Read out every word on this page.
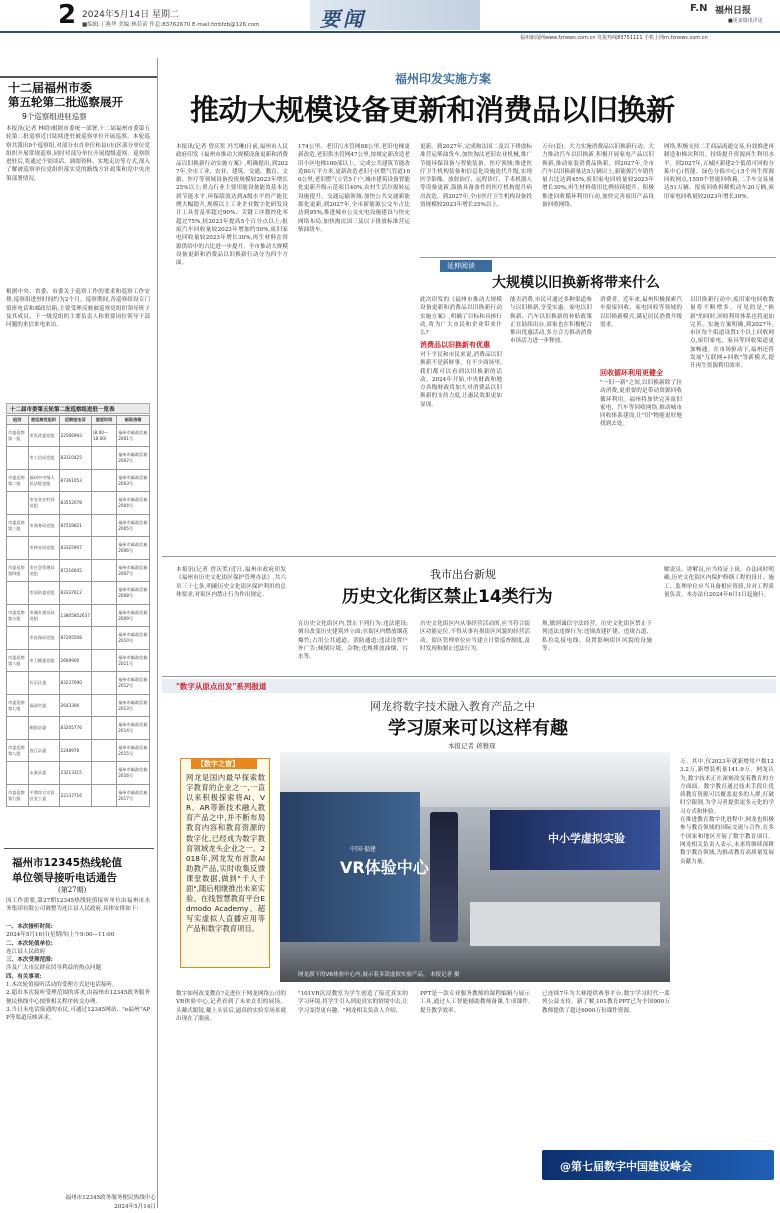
2 2024年5月14日 星期二
■编辑:丁燕华 美编:林若苗 作息:83762670 E-mail:fzrbfzb@126.com	要闻	F.N 福州日报
■更多资讯详见
福州新闻网www.fznews.com.cn 党报热线83751111 手机上网m.fznews.com.cn
十二届福州市委
第五轮第二批巡察展开
9个巡察组进驻巡察
本报讯(记者 林晗)根据市委统一部署,十二届福州市委第五轮第二批巡察近日陆续进驻被巡察单位开展巡察。本轮巡察共派出9个巡察组,对部分市直单位和县(市)区部分单位党组织开展常规巡察,同时对部分单位开展提级巡察。巡察组进驻后,将通过个别谈话、调阅资料、实地走访等方式,深入了解被巡察单位党组织落实党的路线方针政策和党中央决策部署情况。
根据中央、省委、市委关于巡察工作的要求和巡察工作安排,巡察组进驻时间约为2个月。巡察期间,各巡察组设专门值班电话和邮政信箱,主要受理反映被巡察党组织领导班子及其成员、下一级党组织主要负责人和重要岗位领导干部问题的来信来电来访。
十二届市委第五轮第二批巡察组进驻一览表
组别	被巡察党组织	巡察组电话	值班时间	邮政信箱
市委巡察第一组	市发改委党组	22566993	(8:00—18:00)	福州市邮政信箱2001号
	市工信局党组	83110425		福州市邮政信箱2002号
市委巡察第二组	福州市中级人民法院党组	87361053		福州市邮政信箱2003号
	市农业农村局党组	83552078		福州市邮政信箱2004号
市委巡察第三组	市商务局党组	87559821		福州市邮政信箱2005号
	市林业局党组	83325907		福州市邮政信箱2006号
市委巡察第四组	市应急管理局党组	87216645		福州市邮政信箱2007号
	市国资委党组	83337612		福州市邮政信箱2008号
市委巡察第五组	市城乡建设局党组	13805852637		福州市邮政信箱2009号
	市医保局党组	87295508		福州市邮政信箱2010号
市委巡察第六组	市卫健委党组	2669900		福州市邮政信箱2011号
	长乐区委	83237690		福州市邮政信箱2012号
市委巡察第七组	福清市委	2643306		福州市邮政信箱2013号
	闽侯县委	83205776		福州市邮政信箱2014号
市委巡察第八组	连江县委	2248978		福州市邮政信箱2015号
	永泰县委	23213315		福州市邮政信箱2016号
市委巡察第九组	平潭综合实验区党工委	22137716		福州市邮政信箱2017号
福州市12345热线轮值
单位领导接听电话通告
(第27期)
因工作需要,第27期12345热线轮值接听单位由福州市水务集团有限公司调整为连江县人民政府,具体安排如下:
一、本次接听时间:
2024年5月16日(星期四)上午9:00—11:00
二、本次轮值单位:
连江县人民政府
三、本次受理范围:
涉及广大市民群众切身利益的热点问题
四、有关事项:
1.本次轮值接听活动的受理方式是电话接听。
2.超出本次接听受理范围的诉求,由福州市12345政务服务便民热线中心按照相关程序转交办理。
3.当日未电话接通的市民,可通过12345网站、"e福州"APP等渠道反映诉求。
福州市12345政务服务便民热线中心
2024年5月14日
福州印发实施方案
推动大规模设备更新和消费品以旧换新
本报讯(记者 曾庆奖 冯雪琳)日前,福州市人民政府印发《福州市推动大规模设备更新和消费品以旧换新行动实施方案》,明确提出,到2027年,全市工业、农业、建筑、交通、教育、文旅、医疗等领域设备投资规模较2023年增长25%以上;重点行业主要用能设备能效基本达到节能水平,环保绩效达到A级水平的产能比例大幅提升,规模以上工业企业数字化研发设计工具普及率超过90%、关键工序数控化率超过75%,较2023年提高5个百分点以上;报废汽车回收量较2023年增加约50%,废旧家电回收量较2023年增长30%,再生材料在资源供给中的占比进一步提升。全市推动大规模设备更新和消费品以旧换新行动分为四个方面。
174公里、老旧污水管网88公里,老旧电梯更新改造,老旧供水管网47公里,按规定新改造老旧小区电梯100部以上。完成公共建筑节能改造80万平方米,更新改造老旧小区燃气管道100公里,老旧燃气立管5千户,城市建筑设备智能化更新升级示范项目40%,农村生活垃圾转运设施提升。交通运输领域:加快公共交通新能源化更新,到2027年,全市新能源公交车占比达到95%,推进城市公交充电设施建设与快充网络布局,加快淘汰国三及以下排放标准营运柴油货车。
更新。到2027年,完成淘汰国二及以下排放标准营运柴油货车,加快淘汰老旧农业机械,推广节能环保设备与智能装备。医疗领域:推进医疗卫生机构装备和信息化设施迭代升级,实现医学影像、放射治疗、远程诊疗、手术机器人等设备更新,鼓励具备条件的医疗机构提升病房改造。到2027年,全市医疗卫生机构设备投资规模较2023年增长25%以上。
万台(套)。大力实施消费品以旧换新行动。大力推动汽车以旧换新,积极开展家电产品以旧换新,推动家装消费品换新。到2027年,全市汽车以旧换新量达5万辆以上,新能源汽车销售量占比达到45%,废旧家电回收量较2023年增长30%,再生材料使用比例持续提升。积极推进回收循环利用行动,加快完善废旧产品设备回收网络。
网络,积极支持二手商品流通交易,有效推进再制造和梯次利用。持续提升资源再生利用水平。到2027年,五城区新建2个低值可回收分拣中心(智能、绿色分拣中心),5个再生资源回收网点,1550个智能回收箱,二手车交易量达51万辆。报废回收拆解机动车20万辆,废旧家电回收量较2023年增长30%。
延伸阅读
大规模以旧换新将带来什么
此次印发的《福州市推动大规模设备更新和消费品以旧换新行动实施方案》,明确了目标和具体行动,将为广大市民和企业带来什么?
消费品以旧换新有优惠
对于平民和市民来说,消费品以旧换新不是新鲜事。在不少商场里,我们都可以看到以旧换新的活动。2024年开始,中央财政和地方各级财政将加大对消费品以旧换新的支持力度,让惠民效果更加显现。
能否消费,市民可通过多种渠道参与以旧换新,享受实惠。家电以旧换新、汽车以旧换新的补贴政策正在陆续出台,商家也在积极配合推出优惠活动,多方合力推动消费市场活力进一步释放。
消费者。近年来,福州积极探索汽车报废回收、家电回收等领域的以旧换新模式,满足居民消费升级需求。
回收循环利用更健全
"一旧一新"之间,以旧换新除了拉动消费,更重要的是带动资源回收循环利用。福州将加快完善废旧家电、汽车等回收网络,推动城市回收体系建设,让"旧"物能更好地找到去处。
以旧换新行动中,废旧家电回收数量将不断增多。可见的是,"换新"的同时,回收利用体系也将更加完善。实施方案明确,到2027年,市区每个街道设置1个以上回收网点,废旧家电、家具等回收渠道更加畅通。在市场驱动下,福州还将发展"互联网+回收"等新模式,提升再生资源利用效率。
我市出台新规
历史文化街区禁止14类行为
本报讯(记者 曾庆奖)近日,福州市政府印发《福州市历史文化街区保护管理办法》,共六章三十七条,明确历史文化街区保护利用的总体要求,对街区内禁止行为作出规定。
在历史文化街区内,禁止下列行为:违法建设;擅自改变历史建筑外立面;在街区内燃放烟花爆竹;占用公共通道、消防通道;违法设置户外广告;倾倒垃圾、杂物;违规排放油烟、污水等。
历史文化街区内从事经营活动的,应当符合街区功能定位,不得从事有损街区风貌的经营活动。街区管理单位应当建立日常巡查制度,及时发现和制止违法行为。
规,做到诚信守法经营。历史文化街区禁止下列违法违规行为:违规改建扩建、违规占道、私拉乱接电线、设置影响街区风貌的设施等。
解说员、讲解员,应当持证上岗。办法同时明确,历史文化街区内保护修缮工程的设计、施工、监理单位应当具备相应资质,并对工程质量负责。本办法自2024年6月1日起施行。
"数字从原点出发"系列报道
网龙将数字技术融入教育产品之中
学习原来可以这样有趣
本报记者 蒋雅琛
【数字之窗】
网龙是国内最早探索数字教育的企业之一,一直以来积极探索将AI、VR、AR等新技术融入教育产品之中,并不断布局教育内容和教育资源的数字化,已经成为数字教育领域龙头企业之一。2018年,网龙发布首款AI助教产品,实时收集反馈课堂数据,做到"千人千面",随后相继推出未来实验、在线智慧教育平台Edmodo Academy、超写实虚拟人直播应用等产品和数字教育项目。
中国·福建
VR体验中心
中小学虚拟实验
网龙旗下的VR体验中心内,展示着多款虚拟实验产品。 本报记者 摄
万。其中,仅2023年就新增用户数123.2万,新增装机量141.9万。网龙认为,数字技术正在深刻改变着教育的方方面面。数字教育通过技术手段让优质教育资源可以覆盖更多的人群,打破时空限制,为学习者提供更多元化的学习方式和体验。
在推进教育数字化进程中,网龙也积极参与教育领域的国际交流与合作,在多个国家和地区开展了数字教育项目。网龙相关负责人表示,未来将继续深耕数字教育领域,为推动教育高质量发展贡献力量。
数字如何改变教育?走进位于网龙网络公司的VR体验中心,记者看到了未来在们的展场。头戴式眼镜,戴上头显后,逼真的实验室场景就出现在了眼前。
"101VR沉浸教室为学生创造了接近真实的学习环境,将学生引入到更真实的情境中去,让学习变得更有趣。"网龙相关负责人介绍。
PPT是一款专业服务教师的课程编辑与展示工具,通过人工智能辅助教师备课,生成课件,提升教学效率。
已连续7年为大赛提供赛事平台,数字学习时代一系列公益支持。新了解,101教育PPT已为全国900万教师提供了超过6000万份课件资源。
@第七届数字中国建设峰会
